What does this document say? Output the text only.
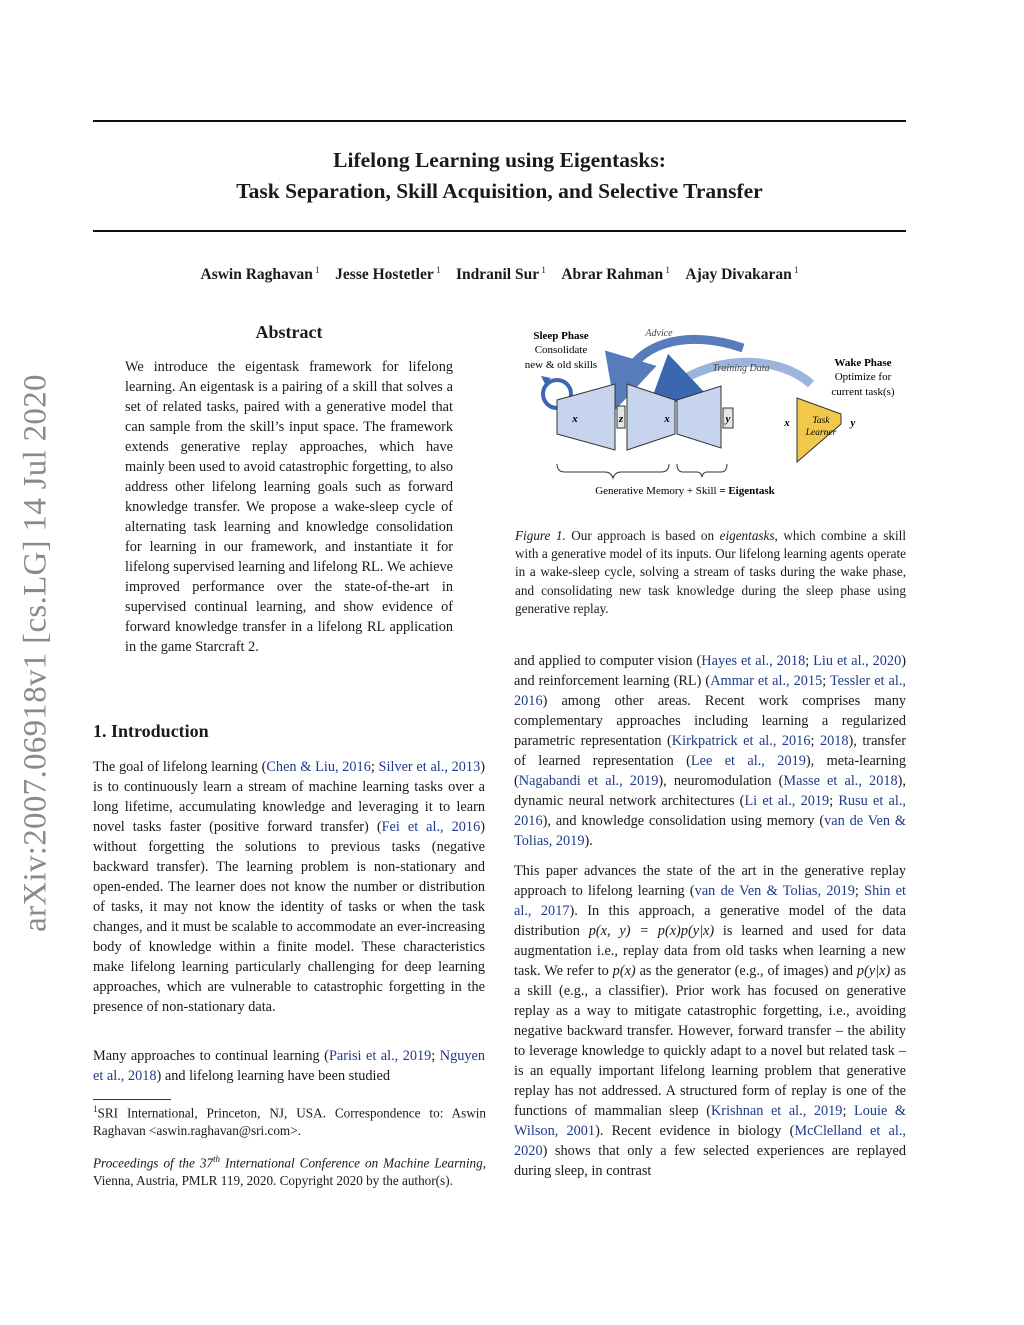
Lifelong Learning using Eigentasks:
Task Separation, Skill Acquisition, and Selective Transfer
Aswin Raghavan $^1$  Jesse Hostetler $^1$  Indranil Sur $^1$  Abrar Rahman $^1$  Ajay Divakaran $^1$
arXiv:2007.06918v1 [cs.LG] 14 Jul 2020
Abstract
We introduce the eigentask framework for lifelong learning. An eigentask is a pairing of a skill that solves a set of related tasks, paired with a generative model that can sample from the skill’s input space. The framework extends generative replay approaches, which have mainly been used to avoid catastrophic forgetting, to also address other lifelong learning goals such as forward knowledge transfer. We propose a wake-sleep cycle of alternating task learning and knowledge consolidation for learning in our framework, and instantiate it for lifelong supervised learning and lifelong RL. We achieve improved performance over the state-of-the-art in supervised continual learning, and show evidence of forward knowledge transfer in a lifelong RL application in the game Starcraft 2.
1. Introduction

The goal of lifelong learning (Chen & Liu, 2016; Silver et al., 2013) is to continuously learn a stream of machine learning tasks over a long lifetime, accumulating knowledge and leveraging it to learn novel tasks faster (positive forward transfer) (Fei et al., 2016) without forgetting the solutions to previous tasks (negative backward transfer). The learning problem is non-stationary and open-ended. The learner does not know the number or distribution of tasks, it may not know the identity of tasks or when the task changes, and it must be scalable to accommodate an ever-increasing body of knowledge within a finite model. These characteristics make lifelong learning particularly challenging for deep learning approaches, which are vulnerable to catastrophic forgetting in the presence of non-stationary data.

Many approaches to continual learning (Parisi et al., 2019; Nguyen et al., 2018) and lifelong learning have been studied

$^1$SRI International, Princeton, NJ, USA. Correspondence to: Aswin Raghavan <aswin.raghavan@sri.com>.
Proceedings of the 37th International Conference on Machine Learning, Vienna, Austria, PMLR 119, 2020. Copyright 2020 by the author(s).
Sleep Phase
Consolidate
new & old skills
Advice
Training Data	Wake Phase
Optimize for
current task(s)
x	z	x	y	x	y
Task
Learner
Generative Memory + Skill = Eigentask
Figure 1. Our approach is based on eigentasks, which combine a skill with a generative model of its inputs. Our lifelong learning agents operate in a wake-sleep cycle, solving a stream of tasks during the wake phase, and consolidating new task knowledge during the sleep phase using generative replay.

and applied to computer vision (Hayes et al., 2018; Liu et al., 2020) and reinforcement learning (RL) (Ammar et al., 2015; Tessler et al., 2016) among other areas. Recent work comprises many complementary approaches including learning a regularized parametric representation (Kirkpatrick et al., 2016; 2018), transfer of learned representation (Lee et al., 2019), meta-learning (Nagabandi et al., 2019), neuromodulation (Masse et al., 2018), dynamic neural network architectures (Li et al., 2019; Rusu et al., 2016), and knowledge consolidation using memory (van de Ven & Tolias, 2019).

This paper advances the state of the art in the generative replay approach to lifelong learning (van de Ven & Tolias, 2019; Shin et al., 2017). In this approach, a generative model of the data distribution p(x, y) = p(x)p(y|x) is learned and used for data augmentation i.e., replay data from old tasks when learning a new task. We refer to p(x) as the generator (e.g., of images) and p(y|x) as a skill (e.g., a classifier). Prior work has focused on generative replay as a way to mitigate catastrophic forgetting, i.e., avoiding negative backward transfer. However, forward transfer – the ability to leverage knowledge to quickly adapt to a novel but related task – is an equally important lifelong learning problem that generative replay has not addressed. A structured form of replay is one of the functions of mammalian sleep (Krishnan et al., 2019; Louie & Wilson, 2001). Recent evidence in biology (McClelland et al., 2020) shows that only a few selected experiences are replayed during sleep, in contrast
